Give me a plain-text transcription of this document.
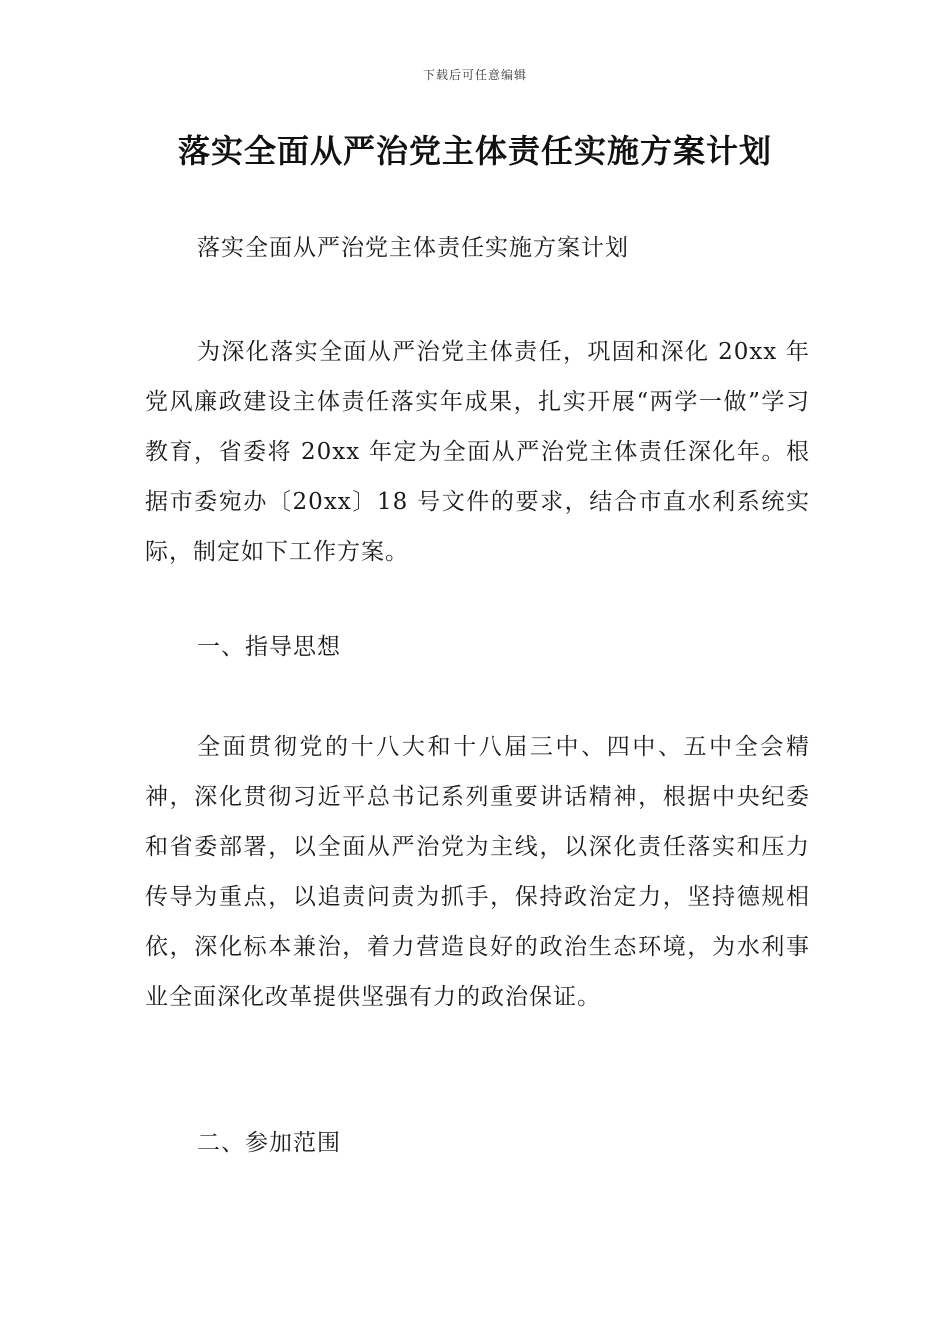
下载后可任意编辑
落实全面从严治党主体责任实施方案计划

落实全面从严治党主体责任实施方案计划

为深化落实全面从严治党主体责任，巩固和深化 20xx 年党风廉政建设主体责任落实年成果，扎实开展“两学一做”学习教育，省委将 20xx 年定为全面从严治党主体责任深化年。根据市委宛办〔20xx〕18 号文件的要求，结合市直水利系统实际，制定如下工作方案。

一、指导思想

全面贯彻党的十八大和十八届三中、四中、五中全会精神，深化贯彻习近平总书记系列重要讲话精神，根据中央纪委和省委部署，以全面从严治党为主线，以深化责任落实和压力传导为重点，以追责问责为抓手，保持政治定力，坚持德规相依，深化标本兼治，着力营造良好的政治生态环境，为水利事业全面深化改革提供坚强有力的政治保证。

二、参加范围
